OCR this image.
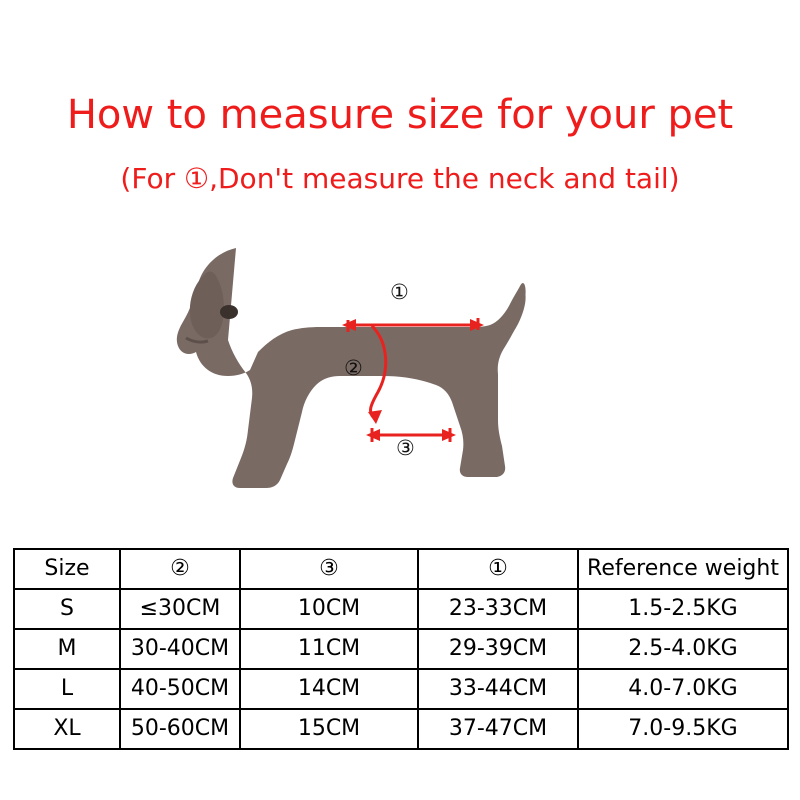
How to measure size for your pet
(For ①,Don't measure the neck and tail)
①
②
③
Size	②	③	①	Reference weight
S	≤30CM	10CM	23-33CM	1.5-2.5KG
M	30-40CM	11CM	29-39CM	2.5-4.0KG
L	40-50CM	14CM	33-44CM	4.0-7.0KG
XL	50-60CM	15CM	37-47CM	7.0-9.5KG
